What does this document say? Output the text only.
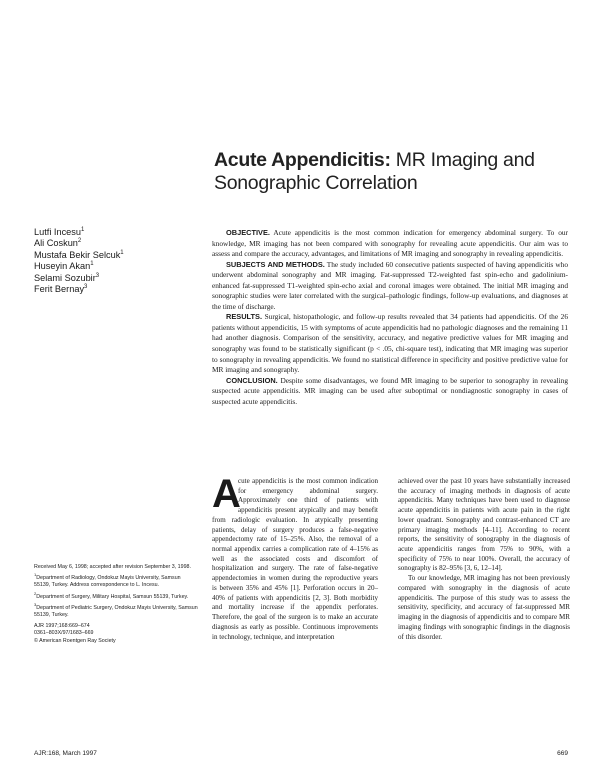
Acute Appendicitis: MR Imaging and Sonographic Correlation
Lutfi Incesu$^1$
Ali Coskun$^2$
Mustafa Bekir Selcuk$^1$
Huseyin Akan$^1$
Selami Sozubir$^3$
Ferit Bernay$^3$

OBJECTIVE. Acute appendicitis is the most common indication for emergency abdominal surgery. To our knowledge, MR imaging has not been compared with sonography for revealing acute appendicitis. Our aim was to assess and compare the accuracy, advantages, and limitations of MR imaging and sonography in revealing appendicitis.

SUBJECTS AND METHODS. The study included 60 consecutive patients suspected of having appendicitis who underwent abdominal sonography and MR imaging. Fat-suppressed T2-weighted fast spin-echo and gadolinium-enhanced fat-suppressed T1-weighted spin-echo axial and coronal images were obtained. The initial MR imaging and sonographic studies were later correlated with the surgical–pathologic findings, follow-up evaluations, and diagnoses at the time of discharge.

RESULTS. Surgical, histopathologic, and follow-up results revealed that 34 patients had appendicitis. Of the 26 patients without appendicitis, 15 with symptoms of acute appendicitis had no pathologic diagnoses and the remaining 11 had another diagnosis. Comparison of the sensitivity, accuracy, and negative predictive values for MR imaging and sonography was found to be statistically significant (p < .05, chi-square test), indicating that MR imaging was superior to sonography in revealing appendicitis. We found no statistical difference in specificity and positive predictive value for MR imaging and sonography.

CONCLUSION. Despite some disadvantages, we found MR imaging to be superior to sonography in revealing suspected acute appendicitis. MR imaging can be used after suboptimal or nondiagnostic sonography in cases of suspected acute appendicitis.

A
cute appendicitis is the most common indication for emergency abdominal surgery. Approximately one third of patients with appendicitis present atypically and may benefit from radiologic evaluation. In atypically presenting patients, delay of surgery produces a false-negative appendectomy rate of 15–25%. Also, the removal of a normal appendix carries a complication rate of 4–15% as well as the associated costs and discomfort of hospitalization and surgery. The rate of false-negative appendectomies in women during the reproductive years is between 35% and 45% [1]. Perforation occurs in 20–40% of patients with appendicitis [2, 3]. Both morbidity and mortality increase if the appendix perforates. Therefore, the goal of the surgeon is to make an accurate diagnosis as early as possible. Continuous improvements in technology, technique, and interpretation

achieved over the past 10 years have substantially increased the accuracy of imaging methods in diagnosis of acute appendicitis. Many techniques have been used to diagnose acute appendicitis in patients with acute pain in the right lower quadrant. Sonography and contrast-enhanced CT are primary imaging methods [4–11]. According to recent reports, the sensitivity of sonography in the diagnosis of acute appendicitis ranges from 75% to 90%, with a specificity of 75% to near 100%. Overall, the accuracy of sonography is 82–95% [3, 6, 12–14].

To our knowledge, MR imaging has not been previously compared with sonography in the diagnosis of acute appendicitis. The purpose of this study was to assess the sensitivity, specificity, and accuracy of fat-suppressed MR imaging in the diagnosis of appendicitis and to compare MR imaging findings with sonographic findings in the diagnosis of this disorder.

Received May 6, 1998; accepted after revision September 3, 1998.

$^1$Department of Radiology, Ondokuz Mayis University, Samsun 55139, Turkey. Address correspondence to L. Incesu.

$^2$Department of Surgery, Military Hospital, Samsun 55139, Turkey.

$^3$Department of Pediatric Surgery, Ondokuz Mayis University, Samsun 55139, Turkey.

AJR 1997;168:669–674

0361–803X/97/1683–669

© American Roentgen Ray Society

AJR:168, March 1997	669
